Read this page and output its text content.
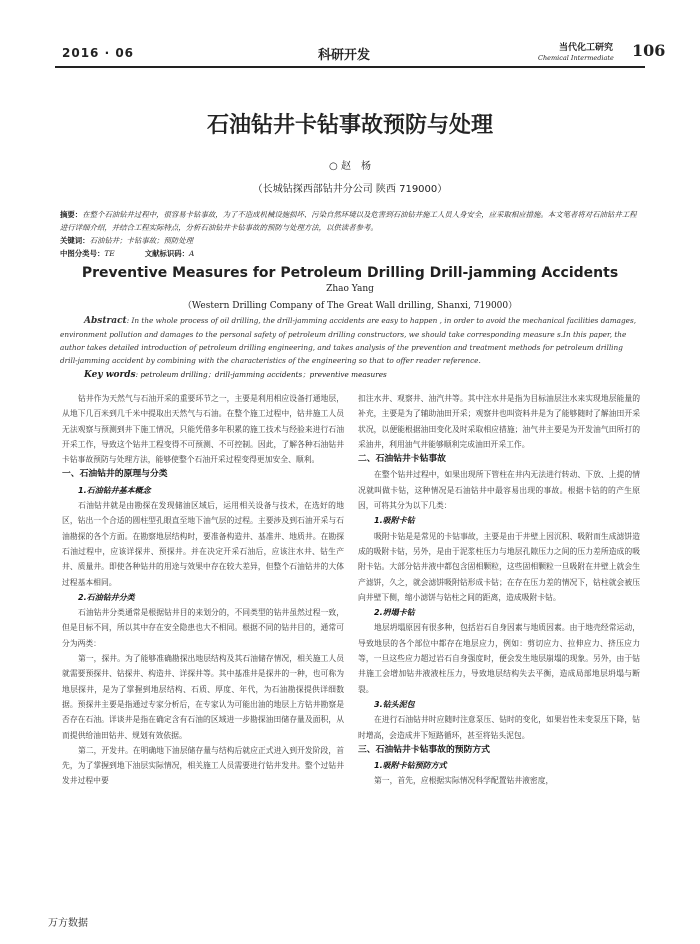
2016 · 06	科研开发	当代化工研究
Chemical Intermediate 106
石油钻井卡钻事故预防与处理
○ 赵　杨
（长城钻探西部钻井分公司 陕西 719000）
摘要：在整个石油钻井过程中，很容易卡钻事故，为了不造成机械设施损坏、污染自然环境以及危害到石油钻井施工人员人身安全，应采取相应措施。本文笔者将对石油钻井工程进行详细介绍，并结合工程实际特点，分析石油钻井卡钻事故的预防与处理方法，以供读者参考。
关键词：石油钻井；卡钻事故；预防处理
中图分类号：TE	文献标识码：A
Preventive Measures for Petroleum Drilling Drill-jamming Accidents
Zhao Yang
（Western Drilling Company of The Great Wall drilling, Shanxi, 719000）
Abstract: In the whole process of oil drilling, the drill-jamming accidents are easy to happen , in order to avoid the mechanical facilities damages, environment pollution and damages to the personal safety of petroleum drilling constructors, we should take corresponding measure s.In this paper, the author takes detailed introduction of petroleum drilling engineering, and takes analysis of the prevention and treatment methods for petroleum drilling drill-jamming accident by combining with the characteristics of the engineering so that to offer reader reference.
Key words: petroleum drilling；drill-jamming accidents；preventive measures

钻井作为天然气与石油开采的重要环节之一，主要是利用相应设备打通地层，从地下几百米到几千米中提取出天然气与石油。在整个施工过程中，钻井施工人员无法观察与预测到井下施工情况，只能凭借多年积累的施工技术与经验来进行石油开采工作，导致这个钻井工程变得不可预测、不可控制。因此，了解各种石油钻井卡钻事故预防与处理方法，能够使整个石油开采过程变得更加安全、顺利。

一、石油钻井的原理与分类
1.石油钻井基本概念

石油钻井就是由勘探在发现储油区域后，运用相关设备与技术，在选好的地区，钻出一个合适的圆柱型孔眼直至地下油气层的过程。主要涉及到石油开采与石油勘探的各个方面。在勘察地层结构时，要准备构造井、基准井、地质井。在勘探石油过程中，应该详探井、预探井。并在决定开采石油后，应该注水井、钻生产井、质量井。即使各种钻井的用途与效果中存在较大差异，但整个石油钻井的大体过程基本相同。

2.石油钻井分类

石油钻井分类通常是根据钻井目的来划分的，不同类型的钻井虽然过程一致，但是目标不同，所以其中存在安全隐患也大不相同。根据不同的钻井目的，通常可分为两类：

第一，探井。为了能够准确勘探出地层结构及其石油储存情况，相关施工人员就需要预探井、钻探井、构造井、详探井等。其中基准井是探井的一种，也可称为地层探井，是为了掌握到地层结构、石质、厚度、年代，为石油勘探提供详细数据。预探井主要是指通过专家分析后，在专家认为可能出油的地层上方钻井勘察是否存在石油。详谈井是指在确定含有石油的区域进一步勘探油田储存量及面积，从而提供给油田钻井、规划有效依据。

第二，开发井。在明确地下油层储存量与结构后就应正式进入到开发阶段，首先，为了掌握到地下油层实际情况，相关施工人员需要进行钻井发井。整个过钻井发井过程中要

扣注水井、观察井、油汽井等。其中注水井是指为目标油层注水来实现地层能量的补充，主要是为了辅助油田开采；观察井也叫资料井是为了能够随时了解油田开采状况，以便能根据油田变化及时采取相应措施；油气井主要是为开发油气田所打的采油井，利用油气井能够顺利完成油田开采工作。

二、石油钻井卡钻事故

在整个钻井过程中，如果出现所下管柱在井内无法进行转动、下放、上提的情况就叫做卡钻，这种情况是石油钻井中最容易出现的事故。根据卡钻的的产生原因，可将其分为以下几类：

1.吸附卡钻

吸附卡钻是是常见的卡钻事故，主要是由于井壁上因沉积、吸附而生成滤饼造成的吸附卡钻，另外，是由于泥浆柱压力与地层孔隙压力之间的压力差所造成的吸附卡钻。大部分钻井液中都包含固相颗粒，这些固相颗粒一旦吸附在井壁上就会生产滤饼，久之，就会滤饼吸附钻形成卡钻；在存在压力差的情况下，钻柱就会被压向井壁下侧，缩小滤饼与钻柱之间的距离，造成吸附卡钻。

2.坍塌卡钻

地层坍塌原因有很多种，包括岩石自身因素与地质因素。由于地壳经常运动，导致地层的各个部位中都存在地层应力，例如：剪切应力、拉伸应力、挤压应力等，一旦这些应力超过岩石自身强度时，便会发生地层崩塌的现象。另外，由于钻井施工会增加钻井液液柱压力，导致地层结构失去平衡，造成局部地层坍塌与断裂。

3.钻头泥包

在进行石油钻井时应随时注意泵压、钻时的变化，如果岩性未变泵压下降，钻时增高，会造成井下短路循环，甚至将钻头泥包。

三、石油钻井卡钻事故的预防方式
1.吸附卡钻预防方式

第一，首先，应根据实际情况科学配置钻井液密度，

万方数据
